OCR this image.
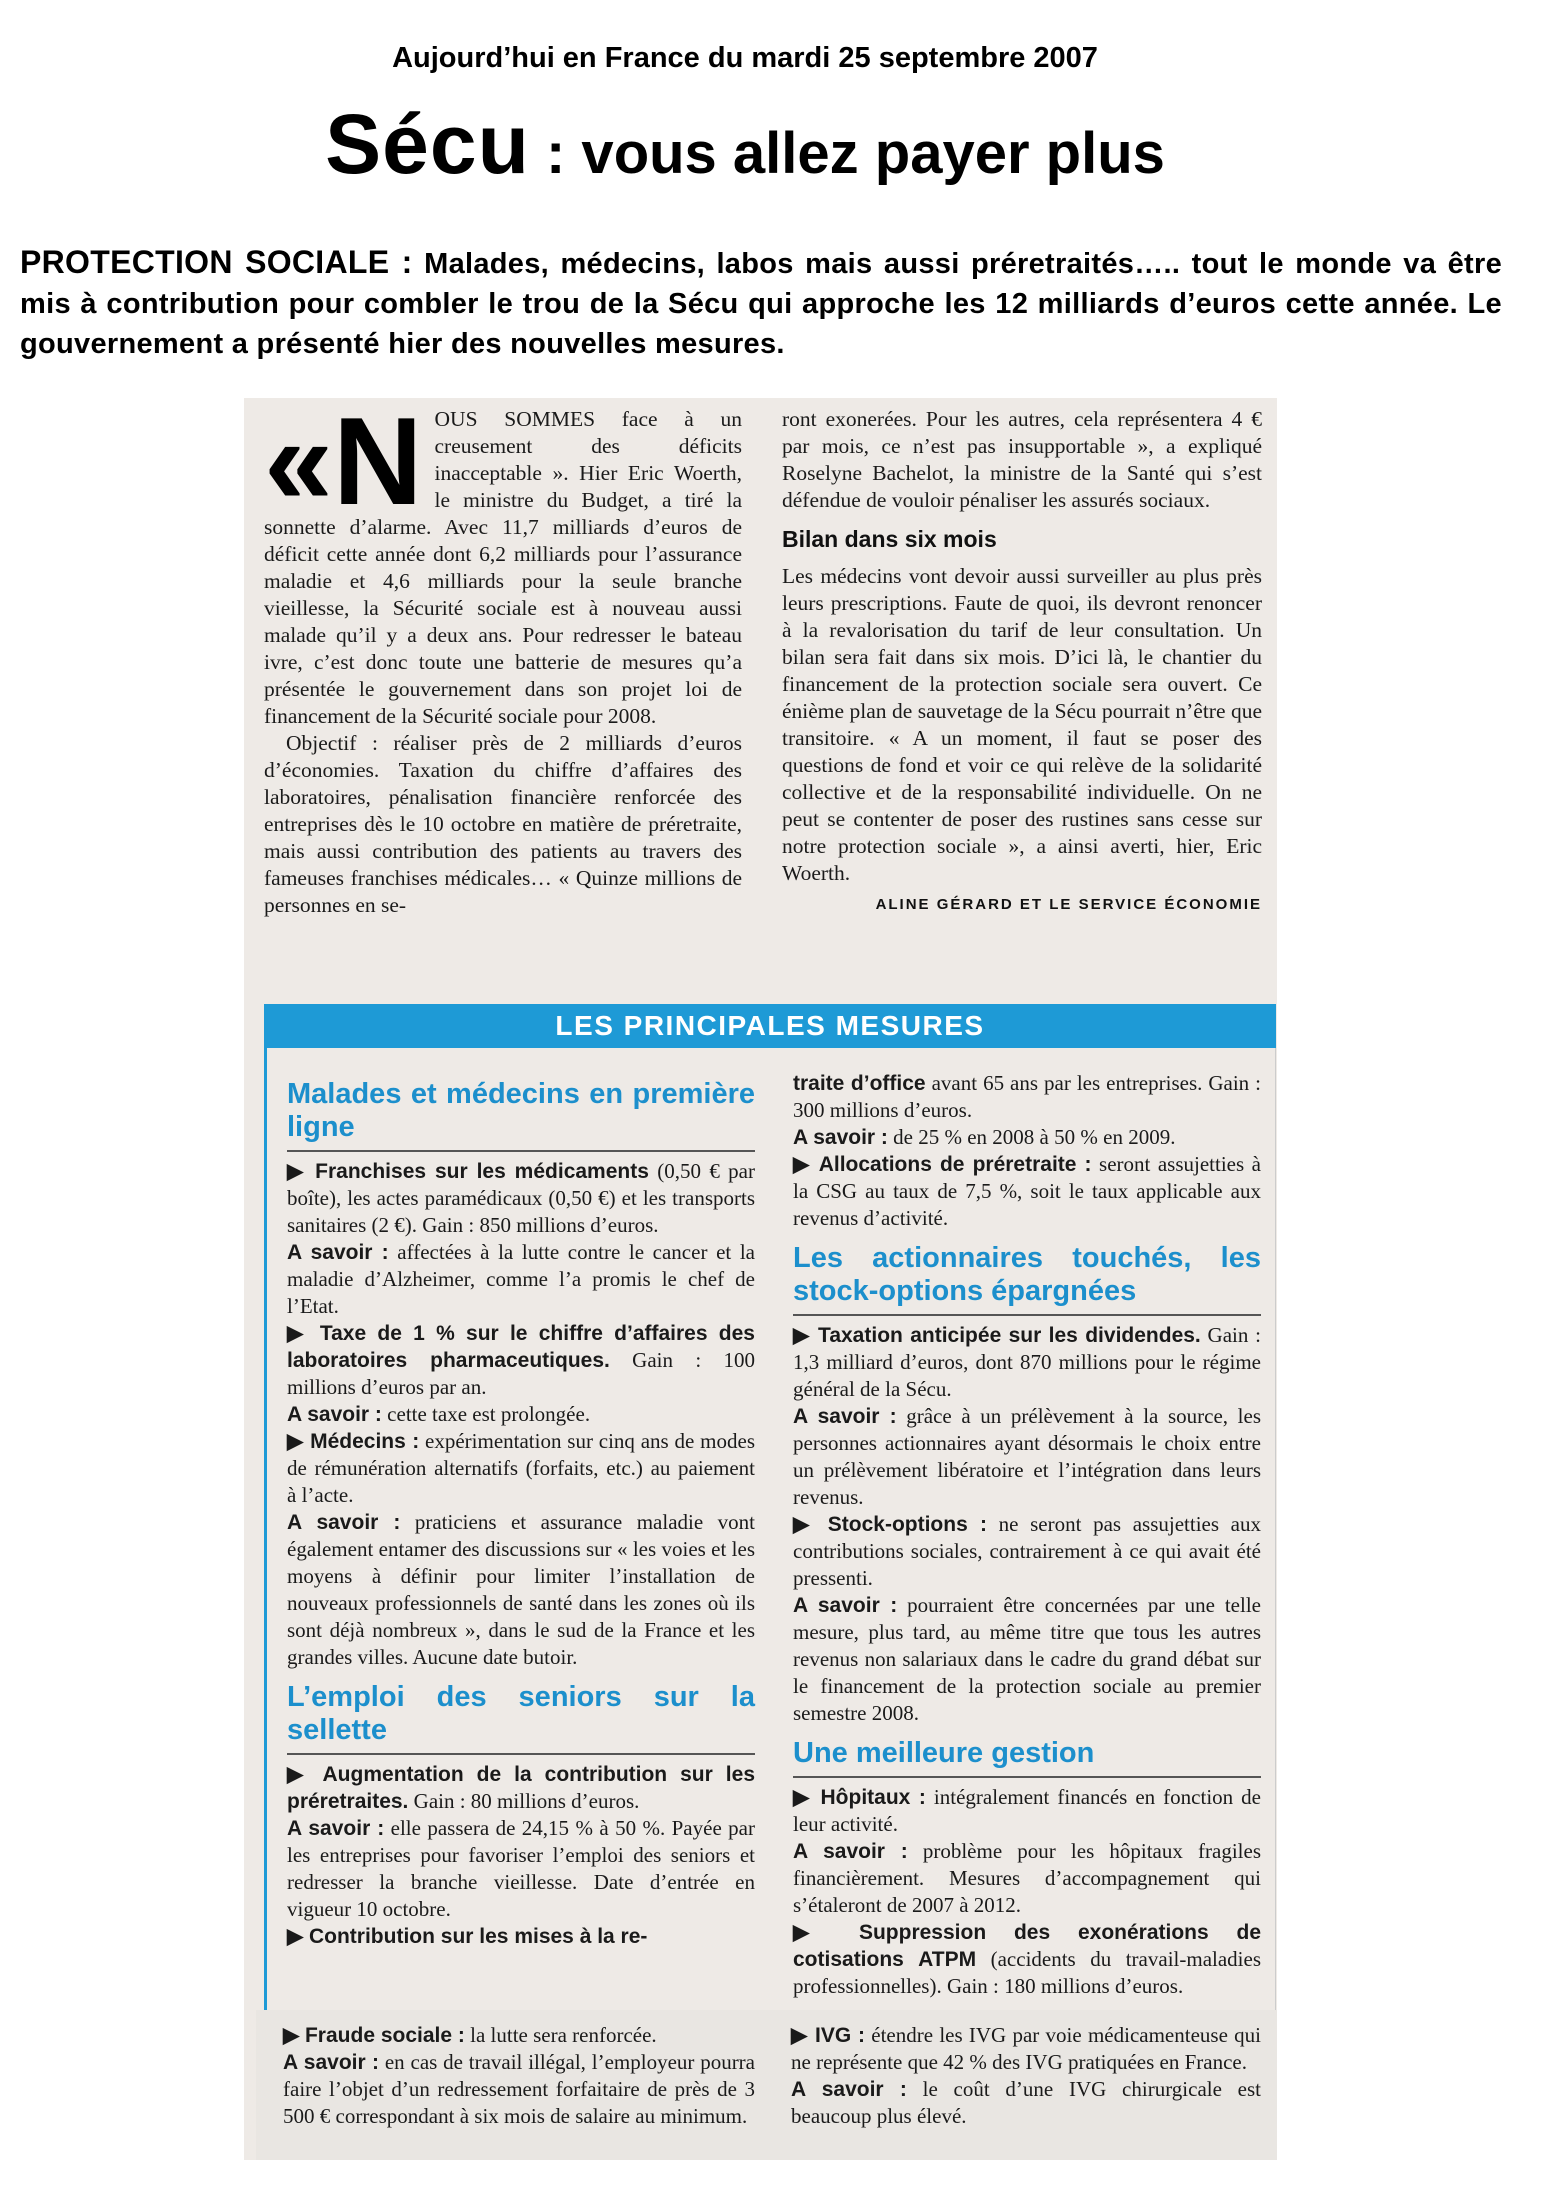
Aujourd’hui en France du mardi 25 septembre 2007
Sécu : vous allez payer plus
PROTECTION SOCIALE : Malades, médecins, labos mais aussi préretraités….. tout le monde va être mis à contribution pour combler le trou de la Sécu qui approche les 12 milliards d’euros cette année. Le gouvernement a présenté hier des nouvelles mesures.

«NOUS SOMMES face à un creusement des déficits inacceptable ». Hier Eric Woerth, le ministre du Budget, a tiré la sonnette d’alarme. Avec 11,7 milliards d’euros de déficit cette année dont 6,2 milliards pour l’assurance maladie et 4,6 milliards pour la seule branche vieillesse, la Sécurité sociale est à nouveau aussi malade qu’il y a deux ans. Pour redresser le bateau ivre, c’est donc toute une batterie de mesures qu’a présentée le gouvernement dans son projet loi de financement de la Sécurité sociale pour 2008.

Objectif : réaliser près de 2 milliards d’euros d’économies. Taxation du chiffre d’affaires des laboratoires, pénalisation financière renforcée des entreprises dès le 10 octobre en matière de préretraite, mais aussi contribution des patients au travers des fameuses franchises médicales… « Quinze millions de personnes en se-

ront exonerées. Pour les autres, cela représentera 4 € par mois, ce n’est pas insupportable », a expliqué Roselyne Bachelot, la ministre de la Santé qui s’est défendue de vouloir pénaliser les assurés sociaux.

Bilan dans six mois

Les médecins vont devoir aussi surveiller au plus près leurs prescriptions. Faute de quoi, ils devront renoncer à la revalorisation du tarif de leur consultation. Un bilan sera fait dans six mois. D’ici là, le chantier du financement de la protection sociale sera ouvert. Ce énième plan de sauvetage de la Sécu pourrait n’être que transitoire. « A un moment, il faut se poser des questions de fond et voir ce qui relève de la solidarité collective et de la responsabilité individuelle. On ne peut se contenter de poser des rustines sans cesse sur notre protection sociale », a ainsi averti, hier, Eric Woerth.

ALINE GÉRARD ET LE SERVICE ÉCONOMIE
LES PRINCIPALES MESURES
Malades et médecins en première ligne

▶ Franchises sur les médicaments (0,50 € par boîte), les actes paramédicaux (0,50 €) et les transports sanitaires (2 €). Gain : 850 millions d’euros.

A savoir : affectées à la lutte contre le cancer et la maladie d’Alzheimer, comme l’a promis le chef de l’Etat.

▶ Taxe de 1 % sur le chiffre d’affaires des laboratoires pharmaceutiques. Gain : 100 millions d’euros par an.

A savoir : cette taxe est prolongée.

▶ Médecins : expérimentation sur cinq ans de modes de rémunération alternatifs (forfaits, etc.) au paiement à l’acte.

A savoir : praticiens et assurance maladie vont également entamer des discussions sur « les voies et les moyens à définir pour limiter l’installation de nouveaux professionnels de santé dans les zones où ils sont déjà nombreux », dans le sud de la France et les grandes villes. Aucune date butoir.

L’emploi des seniors sur la sellette

▶ Augmentation de la contribution sur les préretraites. Gain : 80 millions d’euros.

A savoir : elle passera de 24,15 % à 50 %. Payée par les entreprises pour favoriser l’emploi des seniors et redresser la branche vieillesse. Date d’entrée en vigueur 10 octobre.

▶ Contribution sur les mises à la re-

traite d’office avant 65 ans par les entreprises. Gain : 300 millions d’euros.

A savoir : de 25 % en 2008 à 50 % en 2009.

▶ Allocations de préretraite : seront assujetties à la CSG au taux de 7,5 %, soit le taux applicable aux revenus d’activité.

Les actionnaires touchés, les stock-options épargnées

▶ Taxation anticipée sur les dividendes. Gain : 1,3 milliard d’euros, dont 870 millions pour le régime général de la Sécu.

A savoir : grâce à un prélèvement à la source, les personnes actionnaires ayant désormais le choix entre un prélèvement libératoire et l’intégration dans leurs revenus.

▶ Stock-options : ne seront pas assujetties aux contributions sociales, contrairement à ce qui avait été pressenti.

A savoir : pourraient être concernées par une telle mesure, plus tard, au même titre que tous les autres revenus non salariaux dans le cadre du grand débat sur le financement de la protection sociale au premier semestre 2008.

Une meilleure gestion

▶ Hôpitaux : intégralement financés en fonction de leur activité.

A savoir : problème pour les hôpitaux fragiles financièrement. Mesures d’accompagnement qui s’étaleront de 2007 à 2012.

▶ Suppression des exonérations de cotisations ATPM (accidents du travail-maladies professionnelles). Gain : 180 millions d’euros.

▶ Fraude sociale : la lutte sera renforcée.

A savoir : en cas de travail illégal, l’employeur pourra faire l’objet d’un redressement forfaitaire de près de 3 500 € correspondant à six mois de salaire au minimum.

▶ IVG : étendre les IVG par voie médicamenteuse qui ne représente que 42 % des IVG pratiquées en France.

A savoir : le coût d’une IVG chirurgicale est beaucoup plus élevé.
